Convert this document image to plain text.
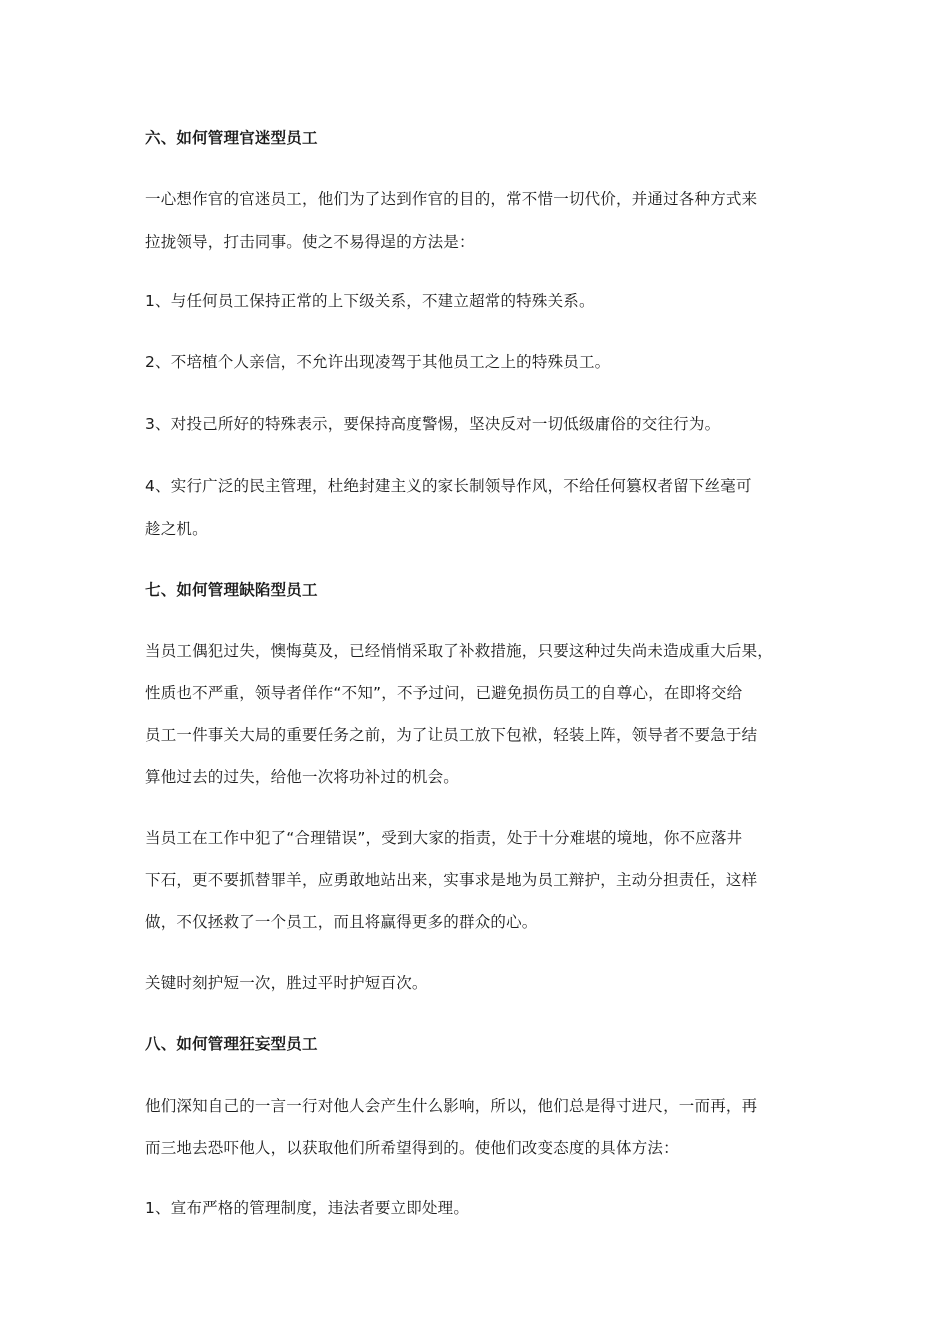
六、如何管理官迷型员工
一心想作官的官迷员工，他们为了达到作官的目的，常不惜一切代价，并通过各种方式来
拉拢领导，打击同事。使之不易得逞的方法是：
1、与任何员工保持正常的上下级关系，不建立超常的特殊关系。
2、不培植个人亲信，不允许出现凌驾于其他员工之上的特殊员工。
3、对投己所好的特殊表示，要保持高度警惕，坚决反对一切低级庸俗的交往行为。
4、实行广泛的民主管理，杜绝封建主义的家长制领导作风，不给任何篡权者留下丝毫可
趁之机。
七、如何管理缺陷型员工
当员工偶犯过失，懊悔莫及，已经悄悄采取了补救措施，只要这种过失尚未造成重大后果，
性质也不严重，领导者佯作“不知”，不予过问，已避免损伤员工的自尊心，在即将交给
员工一件事关大局的重要任务之前，为了让员工放下包袱，轻装上阵，领导者不要急于结
算他过去的过失，给他一次将功补过的机会。
当员工在工作中犯了“合理错误”，受到大家的指责，处于十分难堪的境地，你不应落井
下石，更不要抓替罪羊，应勇敢地站出来，实事求是地为员工辩护，主动分担责任，这样
做，不仅拯救了一个员工，而且将赢得更多的群众的心。
关键时刻护短一次，胜过平时护短百次。
八、如何管理狂妄型员工
他们深知自己的一言一行对他人会产生什么影响，所以，他们总是得寸进尺，一而再，再
而三地去恐吓他人，以获取他们所希望得到的。使他们改变态度的具体方法：
1、宣布严格的管理制度，违法者要立即处理。
